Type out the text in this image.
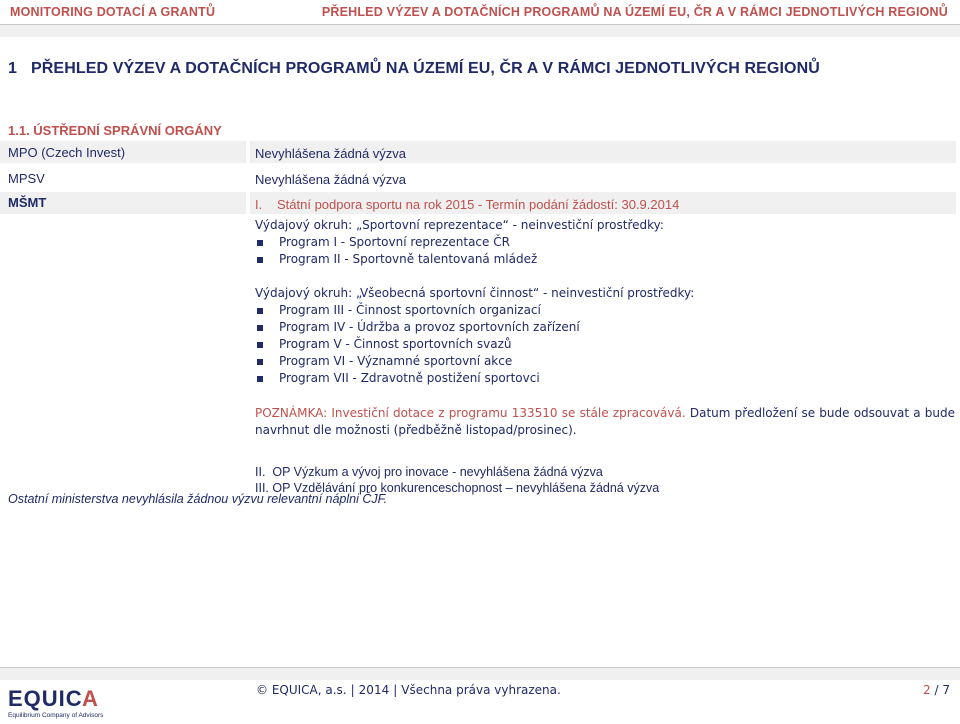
MONITORING DOTACÍ A GRANTŮ	PŘEHLED VÝZEV A DOTAČNÍCH PROGRAMŮ NA ÚZEMÍ EU, ČR A V RÁMCI JEDNOTLIVÝCH REGIONŮ
1 PŘEHLED VÝZEV A DOTAČNÍCH PROGRAMŮ NA ÚZEMÍ EU, ČR A V RÁMCI JEDNOTLIVÝCH REGIONŮ
1.1. ÚSTŘEDNÍ SPRÁVNÍ ORGÁNY
MPO (Czech Invest)	Nevyhlášena žádná výzva
MPSV	Nevyhlášena žádná výzva
MŠMT	I. Státní podpora sportu na rok 2015 - Termín podání žádostí: 30.9.2014

Výdajový okruh: „Sportovní reprezentace“ - neinvestiční prostředky:

Program I - Sportovní reprezentace ČR
Program II - Sportovně talentovaná mládež

Výdajový okruh: „Všeobecná sportovní činnost“ - neinvestiční prostředky:

Program III - Činnost sportovních organizací
Program IV - Údržba a provoz sportovních zařízení
Program V - Činnost sportovních svazů
Program VI - Významné sportovní akce
Program VII - Zdravotně postižení sportovci
POZNÁMKA: Investiční dotace z programu 133510 se stále zpracovává. Datum předložení se bude odsouvat a bude navrhnut dle možnosti (předběžně listopad/prosinec).
II.  OP Výzkum a vývoj pro inovace - nevyhlášena žádná výzva
III. OP Vzdělávání pro konkurenceschopnost – nevyhlášena žádná výzva
Ostatní ministerstva nevyhlásila žádnou výzvu relevantní náplni ČJF.
EQUIC A
Equilibrium Company of Advisors
© EQUICA, a.s. | 2014 | Všechna práva vyhrazena.	2 / 7
